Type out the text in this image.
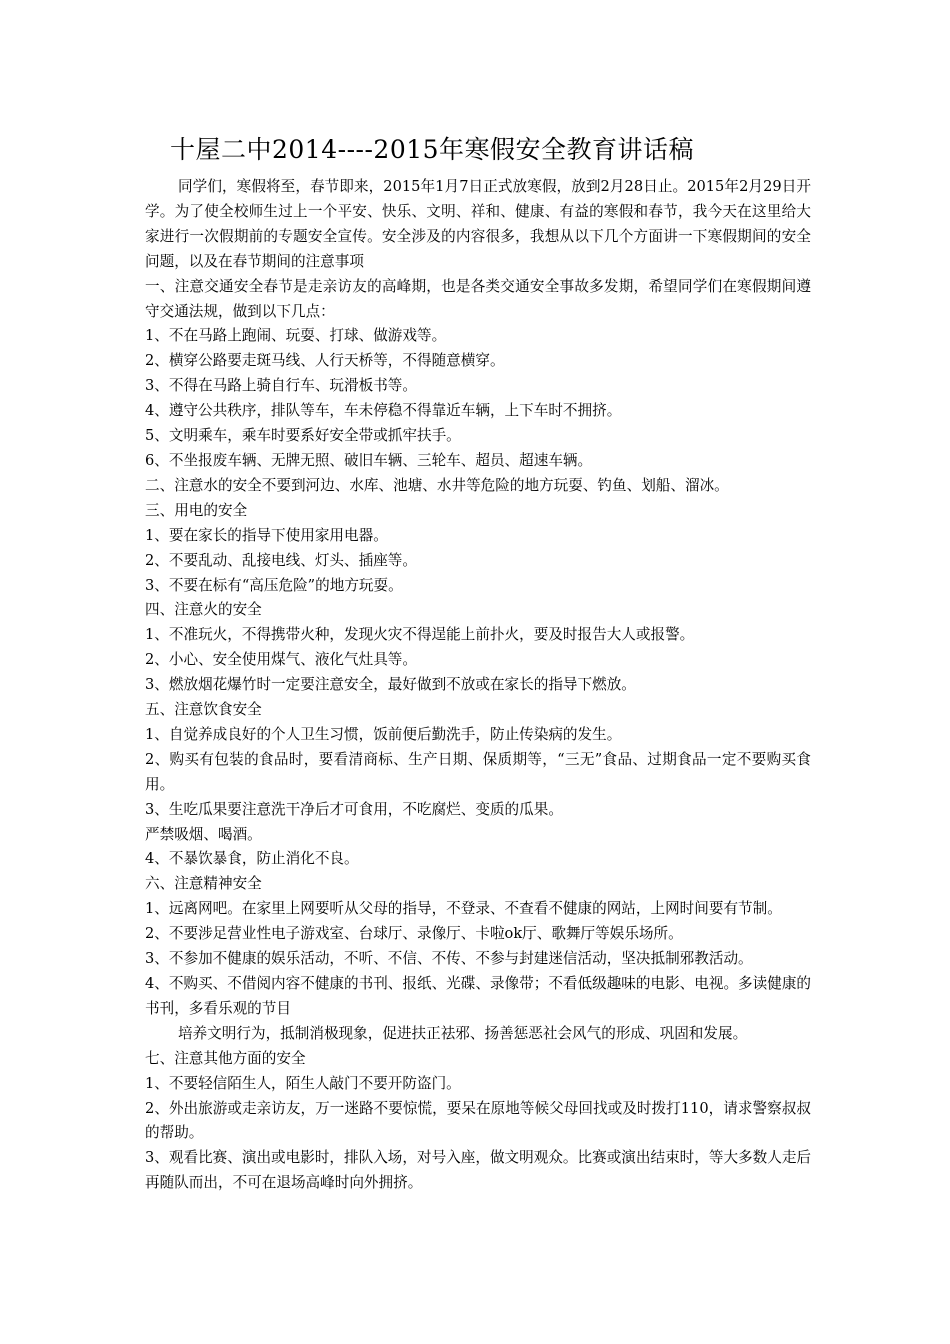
十屋二中2014----2015年寒假安全教育讲话稿

同学们，寒假将至，春节即来，2015年1月7日正式放寒假，放到2月28日止。2015年2月29日开学。为了使全校师生过上一个平安、快乐、文明、祥和、健康、有益的寒假和春节，我今天在这里给大家进行一次假期前的专题安全宣传。安全涉及的内容很多，我想从以下几个方面讲一下寒假期间的安全问题，以及在春节期间的注意事项

一、注意交通安全春节是走亲访友的高峰期，也是各类交通安全事故多发期，希望同学们在寒假期间遵守交通法规，做到以下几点：

1、不在马路上跑闹、玩耍、打球、做游戏等。

2、横穿公路要走斑马线、人行天桥等，不得随意横穿。

3、不得在马路上骑自行车、玩滑板书等。

4、遵守公共秩序，排队等车，车未停稳不得靠近车辆，上下车时不拥挤。

5、文明乘车，乘车时要系好安全带或抓牢扶手。

6、不坐报废车辆、无牌无照、破旧车辆、三轮车、超员、超速车辆。

二、注意水的安全不要到河边、水库、池塘、水井等危险的地方玩耍、钓鱼、划船、溜冰。

三、用电的安全

1、要在家长的指导下使用家用电器。

2、不要乱动、乱接电线、灯头、插座等。

3、不要在标有“高压危险”的地方玩耍。

四、注意火的安全

1、不准玩火，不得携带火种，发现火灾不得逞能上前扑火，要及时报告大人或报警。

2、小心、安全使用煤气、液化气灶具等。

3、燃放烟花爆竹时一定要注意安全，最好做到不放或在家长的指导下燃放。

五、注意饮食安全

1、自觉养成良好的个人卫生习惯，饭前便后勤洗手，防止传染病的发生。

2、购买有包装的食品时，要看清商标、生产日期、保质期等，“三无”食品、过期食品一定不要购买食用。

3、生吃瓜果要注意洗干净后才可食用，不吃腐烂、变质的瓜果。

严禁吸烟、喝酒。

4、不暴饮暴食，防止消化不良。

六、注意精神安全

1、远离网吧。在家里上网要听从父母的指导，不登录、不查看不健康的网站，上网时间要有节制。

2、不要涉足营业性电子游戏室、台球厅、录像厅、卡啦ok厅、歌舞厅等娱乐场所。

3、不参加不健康的娱乐活动，不听、不信、不传、不参与封建迷信活动，坚决抵制邪教活动。

4、不购买、不借阅内容不健康的书刊、报纸、光碟、录像带；不看低级趣味的电影、电视。多读健康的书刊，多看乐观的节目

培养文明行为，抵制消极现象，促进扶正祛邪、扬善惩恶社会风气的形成、巩固和发展。

七、注意其他方面的安全

1、不要轻信陌生人，陌生人敲门不要开防盗门。

2、外出旅游或走亲访友，万一迷路不要惊慌，要呆在原地等候父母回找或及时拨打110，请求警察叔叔的帮助。

3、观看比赛、演出或电影时，排队入场，对号入座，做文明观众。比赛或演出结束时，等大多数人走后再随队而出，不可在退场高峰时向外拥挤。
